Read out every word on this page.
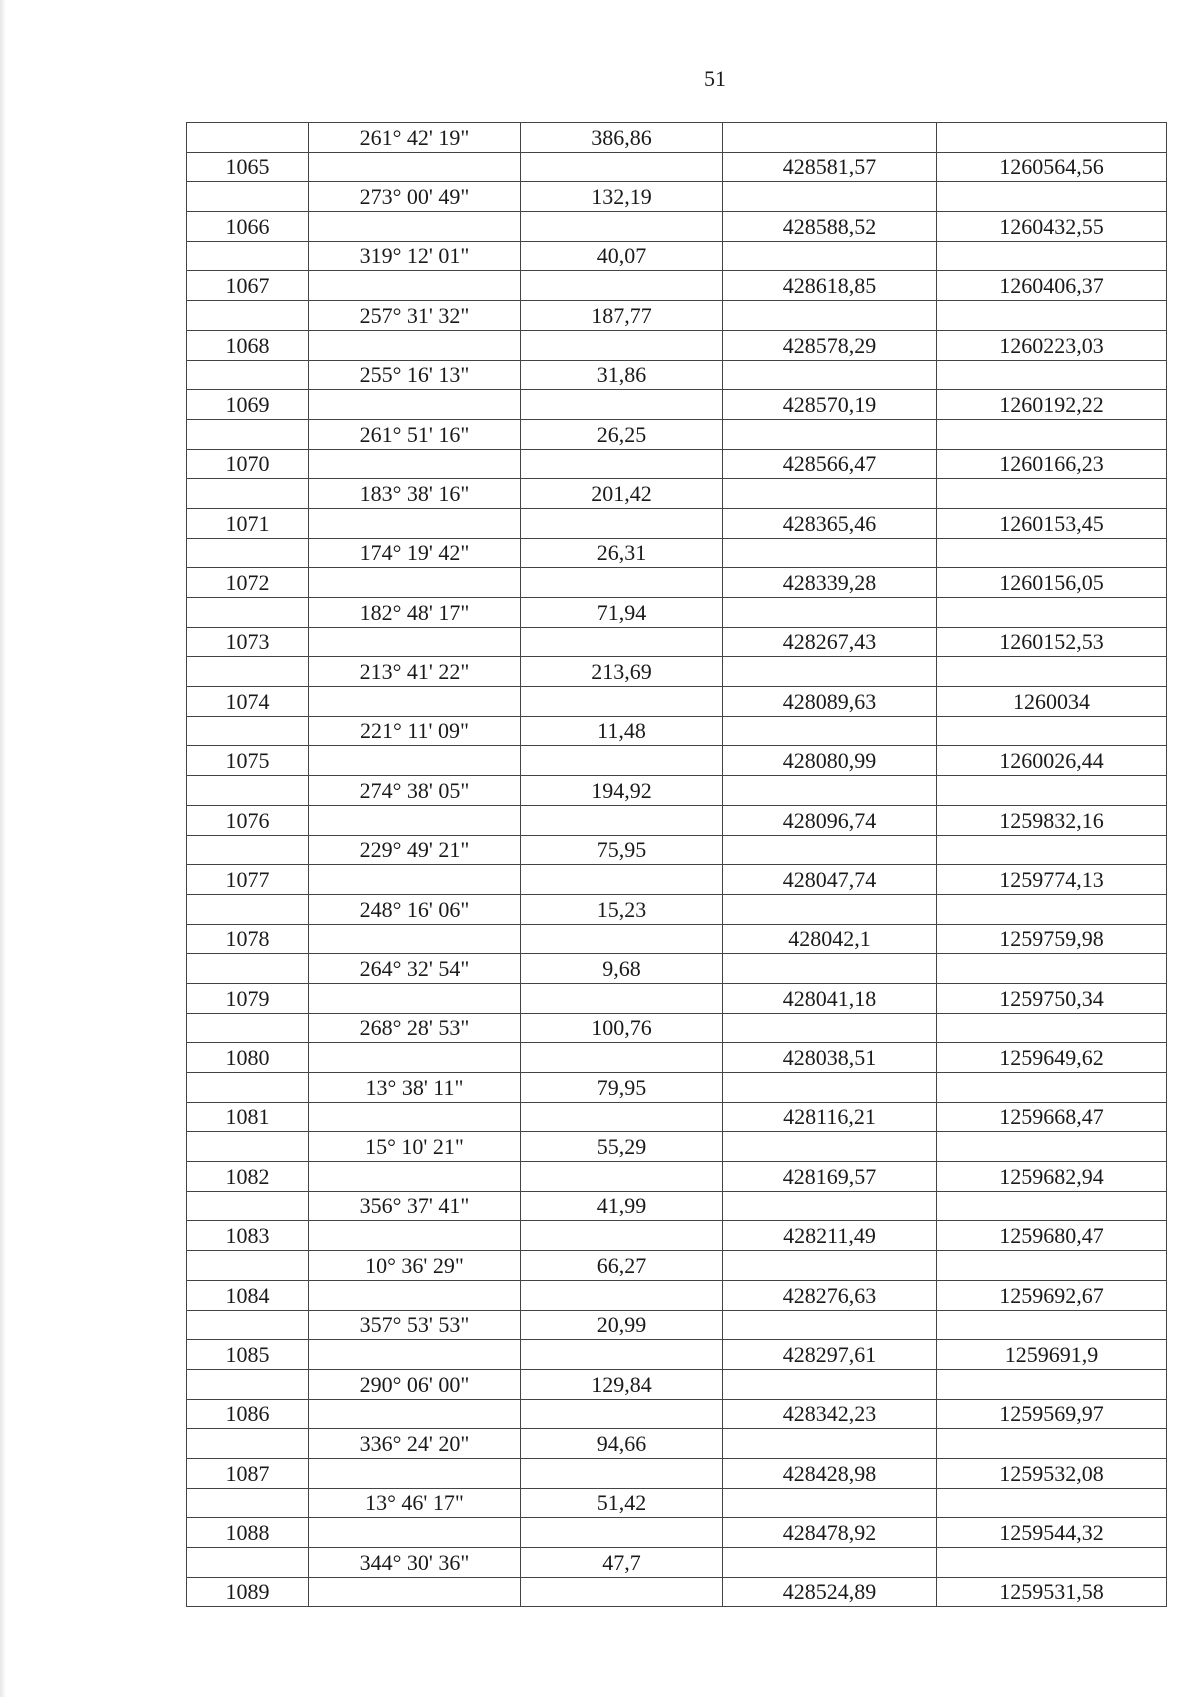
51
	261° 42' 19"	386,86		
1065			428581,57	1260564,56
	273° 00' 49"	132,19		
1066			428588,52	1260432,55
	319° 12' 01"	40,07		
1067			428618,85	1260406,37
	257° 31' 32"	187,77		
1068			428578,29	1260223,03
	255° 16' 13"	31,86		
1069			428570,19	1260192,22
	261° 51' 16"	26,25		
1070			428566,47	1260166,23
	183° 38' 16"	201,42		
1071			428365,46	1260153,45
	174° 19' 42"	26,31		
1072			428339,28	1260156,05
	182° 48' 17"	71,94		
1073			428267,43	1260152,53
	213° 41' 22"	213,69		
1074			428089,63	1260034
	221° 11' 09"	11,48		
1075			428080,99	1260026,44
	274° 38' 05"	194,92		
1076			428096,74	1259832,16
	229° 49' 21"	75,95		
1077			428047,74	1259774,13
	248° 16' 06"	15,23		
1078			428042,1	1259759,98
	264° 32' 54"	9,68		
1079			428041,18	1259750,34
	268° 28' 53"	100,76		
1080			428038,51	1259649,62
	13° 38' 11"	79,95		
1081			428116,21	1259668,47
	15° 10' 21"	55,29		
1082			428169,57	1259682,94
	356° 37' 41"	41,99		
1083			428211,49	1259680,47
	10° 36' 29"	66,27		
1084			428276,63	1259692,67
	357° 53' 53"	20,99		
1085			428297,61	1259691,9
	290° 06' 00"	129,84		
1086			428342,23	1259569,97
	336° 24' 20"	94,66		
1087			428428,98	1259532,08
	13° 46' 17"	51,42		
1088			428478,92	1259544,32
	344° 30' 36"	47,7		
1089			428524,89	1259531,58
